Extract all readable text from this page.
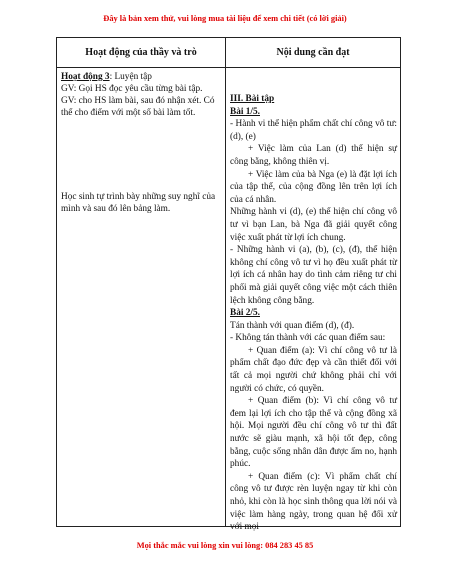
Đây là bản xem thử, vui lòng mua tài liệu để xem chi tiết (có lời giải)
Hoạt động của thầy và trò	Nội dung cần đạt

Hoạt động 3: Luyện tập

GV: Gọi HS đọc yêu cầu từng bài tập.

GV: cho HS làm bài, sau đó nhận xét. Có thể cho điểm với một số bài làm tốt.

Học sinh tự trình bày những suy nghĩ của mình và sau đó lên bảng làm.

III. Bài tập

Bài 1/5.

- Hành vi thể hiện phẩm chất chí công vô tư: (d), (e)

+ Việc làm của Lan (d) thể hiện sự công bằng, không thiên vị.

+ Việc làm của bà Nga (e) là đặt lợi ích của tập thể, của cộng đồng lên trên lợi ích của cá nhân.

Những hành vi (d), (e) thể hiện chí công vô tư vì bạn Lan, bà Nga đã giải quyết công việc xuất phát từ lợi ích chung.

- Những hành vi (a), (b), (c), (đ), thể hiện không chí công vô tư vì họ đều xuất phát từ lợi ích cá nhân hay do tình cảm riêng tư chi phối mà giải quyết công việc một cách thiên lệch không công bằng.

Bài 2/5.

Tán thành với quan điểm (d), (đ).

- Không tán thành với các quan điểm sau:

+ Quan điểm (a): Vì chí công vô tư là phẩm chất đạo đức đẹp và cần thiết đối với tất cả mọi người chứ không phải chỉ với người có chức, có quyền.

+ Quan điểm (b): Vì chí công vô tư đem lại lợi ích cho tập thể và cộng đồng xã hội. Mọi người đều chí công vô tư thì đất nước sẽ giàu mạnh, xã hội tốt đẹp, công bằng, cuộc sống nhân dân được ấm no, hạnh phúc.

+ Quan điểm (c): Vì phẩm chất chí công vô tư được rèn luyện ngay từ khi còn nhỏ, khi còn là học sinh thông qua lời nói và việc làm hàng ngày, trong quan hệ đối xử với mọi

Mọi thắc mắc vui lòng xin vui lòng: 084 283 45 85
